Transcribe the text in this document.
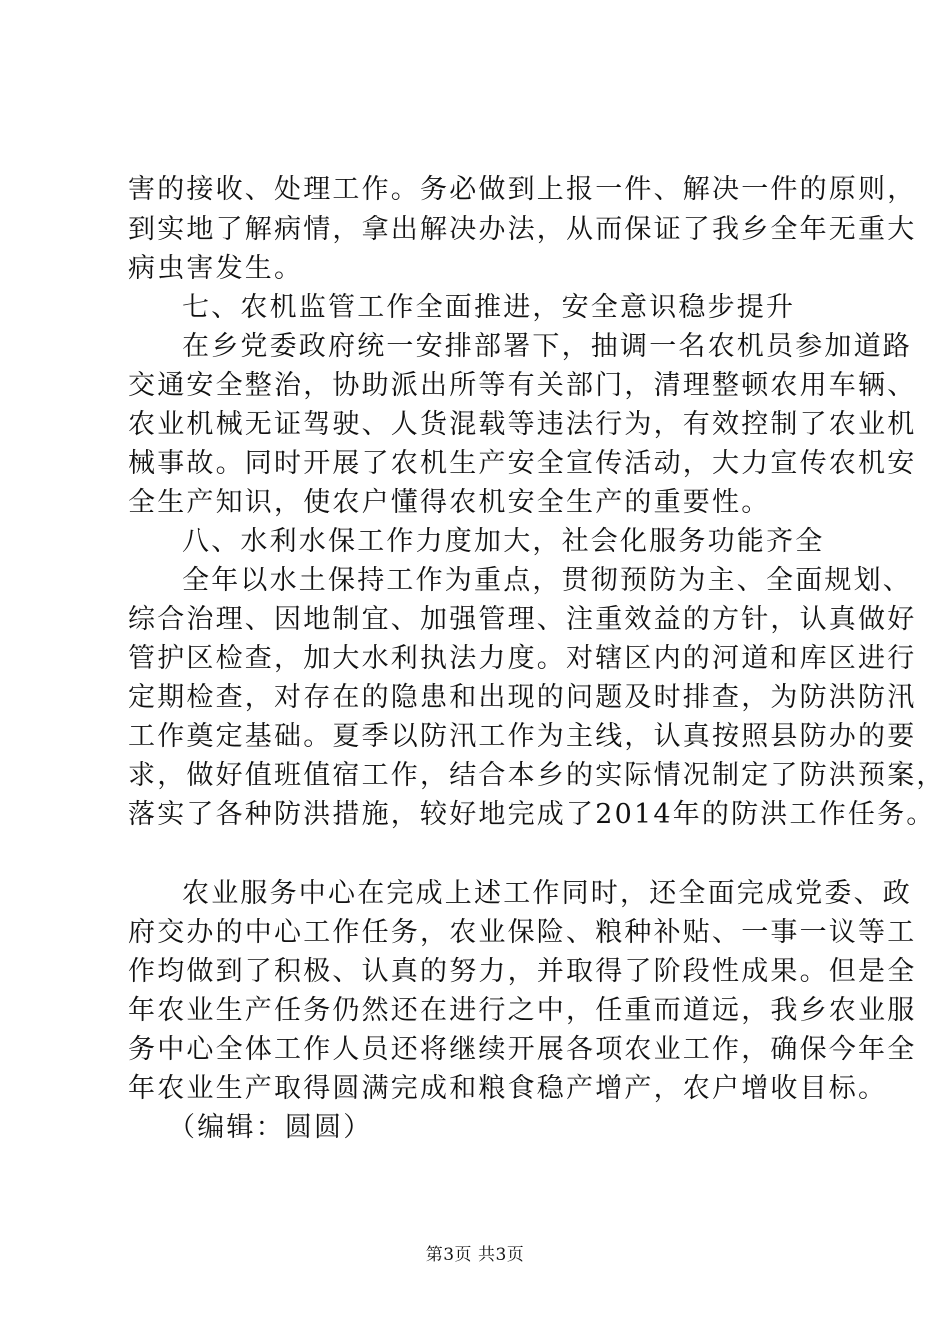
害的接收、处理工作。务必做到上报一件、解决一件的原则，
到实地了解病情，拿出解决办法，从而保证了我乡全年无重大
病虫害发生。
七、农机监管工作全面推进，安全意识稳步提升
在乡党委政府统一安排部署下，抽调一名农机员参加道路
交通安全整治，协助派出所等有关部门，清理整顿农用车辆、
农业机械无证驾驶、人货混载等违法行为，有效控制了农业机
械事故。同时开展了农机生产安全宣传活动，大力宣传农机安
全生产知识，使农户懂得农机安全生产的重要性。
八、水利水保工作力度加大，社会化服务功能齐全
全年以水土保持工作为重点，贯彻预防为主、全面规划、
综合治理、因地制宜、加强管理、注重效益的方针，认真做好
管护区检查，加大水利执法力度。对辖区内的河道和库区进行
定期检查，对存在的隐患和出现的问题及时排查，为防洪防汛
工作奠定基础。夏季以防汛工作为主线，认真按照县防办的要
求，做好值班值宿工作，结合本乡的实际情况制定了防洪预案，
落实了各种防洪措施，较好地完成了2014年的防洪工作任务。
农业服务中心在完成上述工作同时，还全面完成党委、政
府交办的中心工作任务，农业保险、粮种补贴、一事一议等工
作均做到了积极、认真的努力，并取得了阶段性成果。但是全
年农业生产任务仍然还在进行之中，任重而道远，我乡农业服
务中心全体工作人员还将继续开展各项农业工作，确保今年全
年农业生产取得圆满完成和粮食稳产增产，农户增收目标。
（编辑：圆圆）
第3页 共3页
